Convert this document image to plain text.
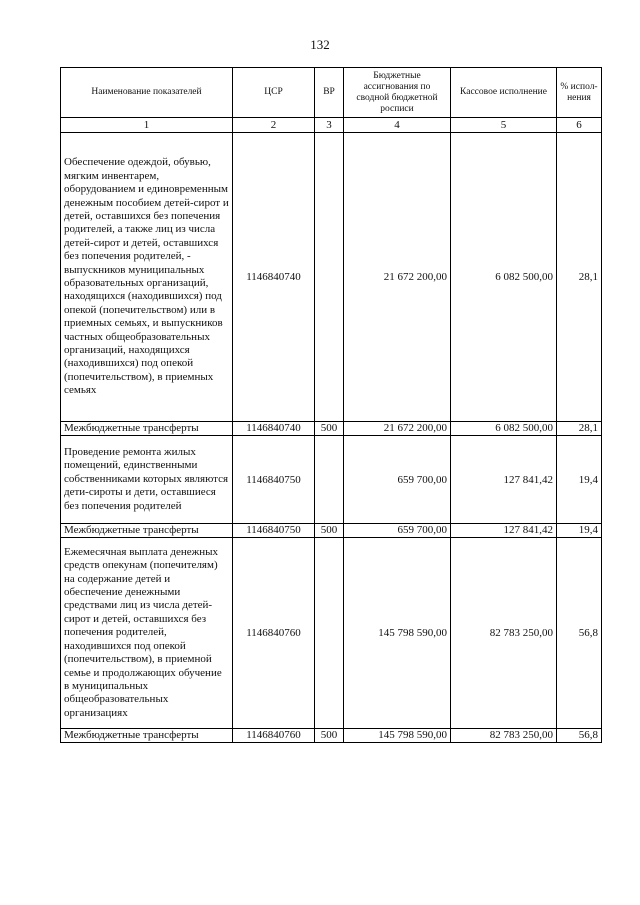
132
Наименование показателей	ЦСР	ВР	Бюджетные ассигнования по сводной бюджетной росписи	Кассовое исполнение	% испол-нения
1	2	3	4	5	6
Обеспечение одеждой, обувью, мягким инвентарем, оборудованием и единовременным денежным пособием детей-сирот и детей, оставшихся без попечения родителей, а также лиц из числа детей-сирот и детей, оставшихся без попечения родителей, - выпускников муниципальных образовательных организаций, находящихся (находившихся) под опекой (попечительством) или в приемных семьях, и выпускников частных общеобразовательных организаций, находящихся (находившихся) под опекой (попечительством), в приемных семьях	1146840740		21 672 200,00	6 082 500,00	28,1
Межбюджетные трансферты	1146840740	500	21 672 200,00	6 082 500,00	28,1
Проведение ремонта жилых помещений, единственными собственниками которых являются дети-сироты и дети, оставшиеся без попечения родителей	1146840750		659 700,00	127 841,42	19,4
Межбюджетные трансферты	1146840750	500	659 700,00	127 841,42	19,4
Ежемесячная выплата денежных средств опекунам (попечителям) на содержание детей и обеспечение денежными средствами лиц из числа детей-сирот и детей, оставшихся без попечения родителей, находившихся под опекой (попечительством), в приемной семье и продолжающих обучение в муниципальных общеобразовательных организациях	1146840760		145 798 590,00	82 783 250,00	56,8
Межбюджетные трансферты	1146840760	500	145 798 590,00	82 783 250,00	56,8
